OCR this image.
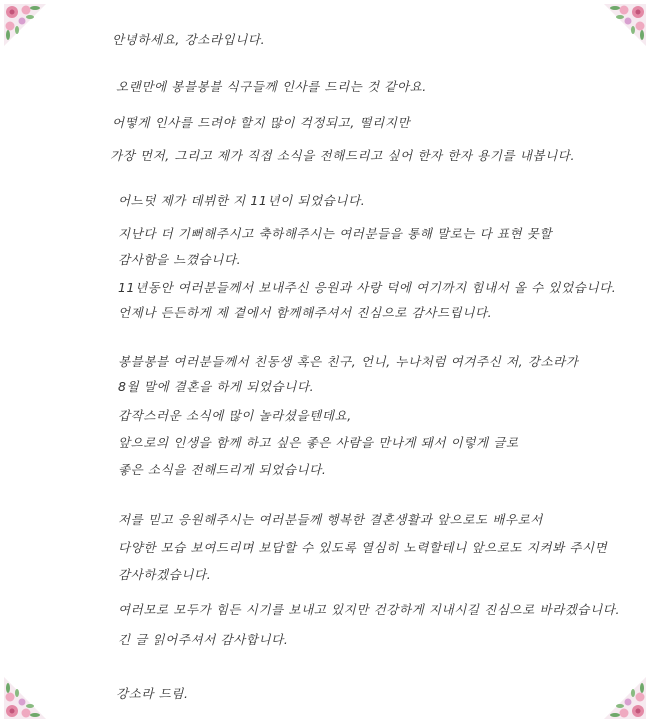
안녕하세요, 강소라입니다.
오랜만에 봉블봉블 식구들께 인사를 드리는 것 같아요.
어떻게 인사를 드려야 할지 많이 걱정되고, 떨리지만
가장 먼저, 그리고 제가 직접 소식을 전해드리고 싶어 한자 한자 용기를 내봅니다.
어느덧 제가 데뷔한 지 11년이 되었습니다.
지난다 더 기뻐해주시고 축하해주시는 여러분들을 통해 말로는 다 표현 못할
감사함을 느꼈습니다.
11년동안 여러분들께서 보내주신 응원과 사랑 덕에 여기까지 힘내서 올 수 있었습니다.
언제나 든든하게 제 곁에서 함께해주셔서 진심으로 감사드립니다.
봉블봉블 여러분들께서 친동생 혹은 친구, 언니, 누나처럼 여겨주신 저, 강소라가
8월 말에 결혼을 하게 되었습니다.
갑작스러운 소식에 많이 놀라셨을텐데요,
앞으로의 인생을 함께 하고 싶은 좋은 사람을 만나게 돼서 이렇게 글로
좋은 소식을 전해드리게 되었습니다.
저를 믿고 응원해주시는 여러분들께 행복한 결혼생활과 앞으로도 배우로서
다양한 모습 보여드리며 보답할 수 있도록 열심히 노력할테니 앞으로도 지켜봐 주시면
감사하겠습니다.
여러모로 모두가 힘든 시기를 보내고 있지만 건강하게 지내시길 진심으로 바라겠습니다.
긴 글 읽어주셔서 감사합니다.
강소라 드림.
